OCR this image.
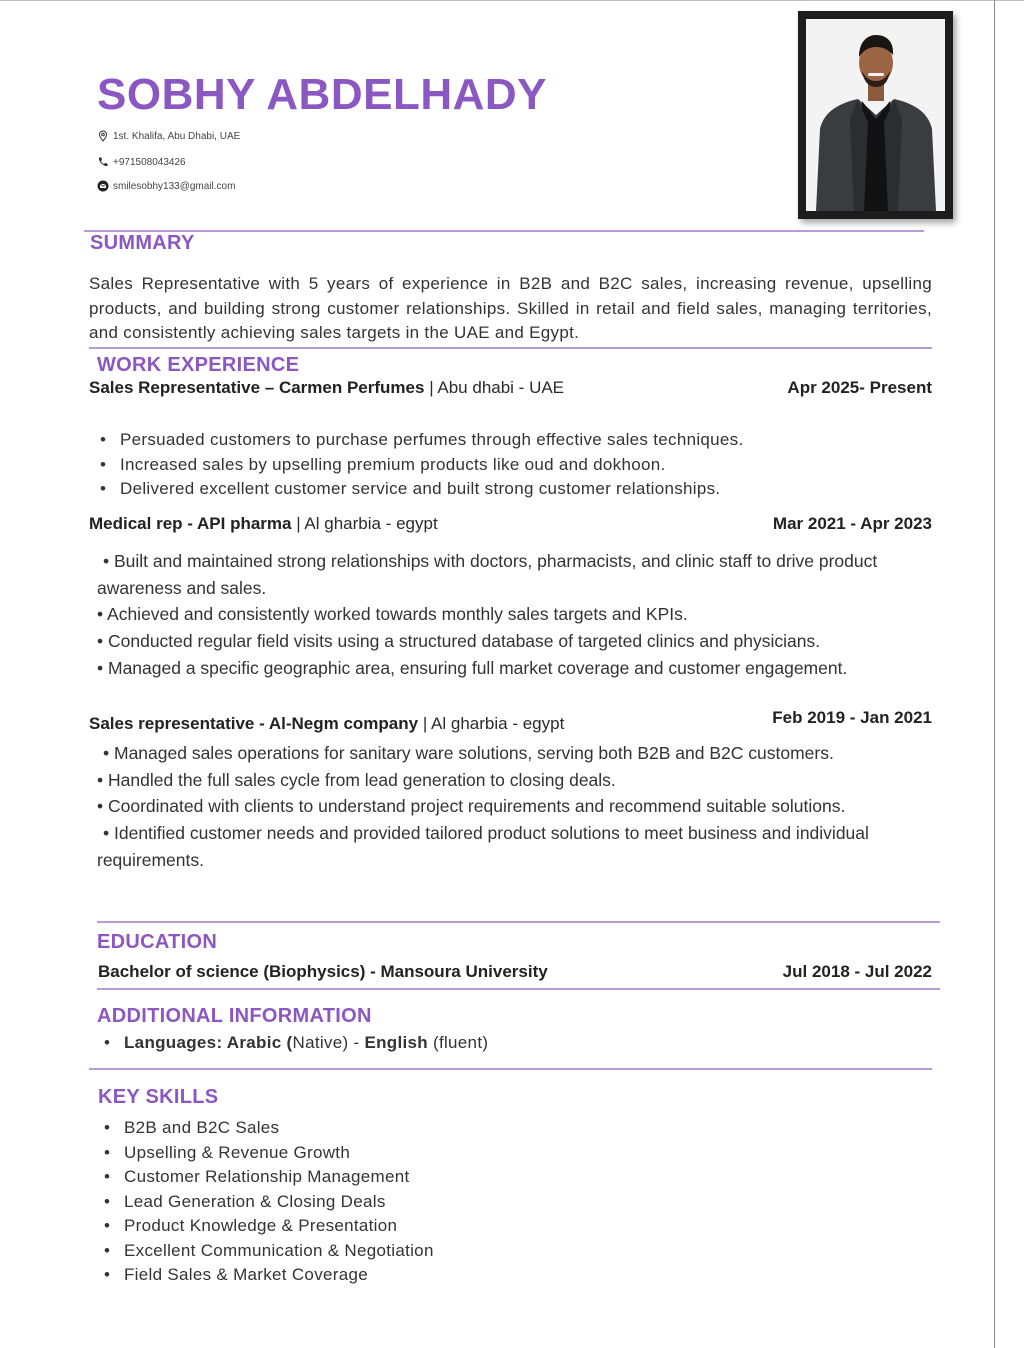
SOBHY ABDELHADY
1st. Khalifa, Abu Dhabi, UAE
+971508043426
smilesobhy133@gmail.com
SUMMARY

Sales Representative with 5 years of experience in B2B and B2C sales, increasing revenue, upselling products, and building strong customer relationships. Skilled in retail and field sales, managing territories, and consistently achieving sales targets in the UAE and Egypt.

WORK EXPERIENCE
Sales Representative – Carmen Perfumes | Abu dhabi - UAE	Apr 2025- Present
• Persuaded customers to purchase perfumes through effective sales techniques.
• Increased sales by upselling premium products like oud and dokhoon.
• Delivered excellent customer service and built strong customer relationships.
Medical rep - API pharma | Al gharbia - egypt	Mar 2021 - Apr 2023
• Built and maintained strong relationships with doctors, pharmacists, and clinic staff to drive product awareness and sales.
• Achieved and consistently worked towards monthly sales targets and KPIs.
• Conducted regular field visits using a structured database of targeted clinics and physicians.
• Managed a specific geographic area, ensuring full market coverage and customer engagement.
Sales representative - Al-Negm company | Al gharbia - egypt	Feb 2019 - Jan 2021
• Managed sales operations for sanitary ware solutions, serving both B2B and B2C customers.
• Handled the full sales cycle from lead generation to closing deals.
• Coordinated with clients to understand project requirements and recommend suitable solutions.
• Identified customer needs and provided tailored product solutions to meet business and individual requirements.
EDUCATION
Bachelor of science (Biophysics) - Mansoura University	Jul 2018 - Jul 2022
ADDITIONAL INFORMATION
• Languages: Arabic (Native) - English (fluent)
KEY SKILLS
• B2B and B2C Sales
• Upselling & Revenue Growth
• Customer Relationship Management
• Lead Generation & Closing Deals
• Product Knowledge & Presentation
• Excellent Communication & Negotiation
• Field Sales & Market Coverage
